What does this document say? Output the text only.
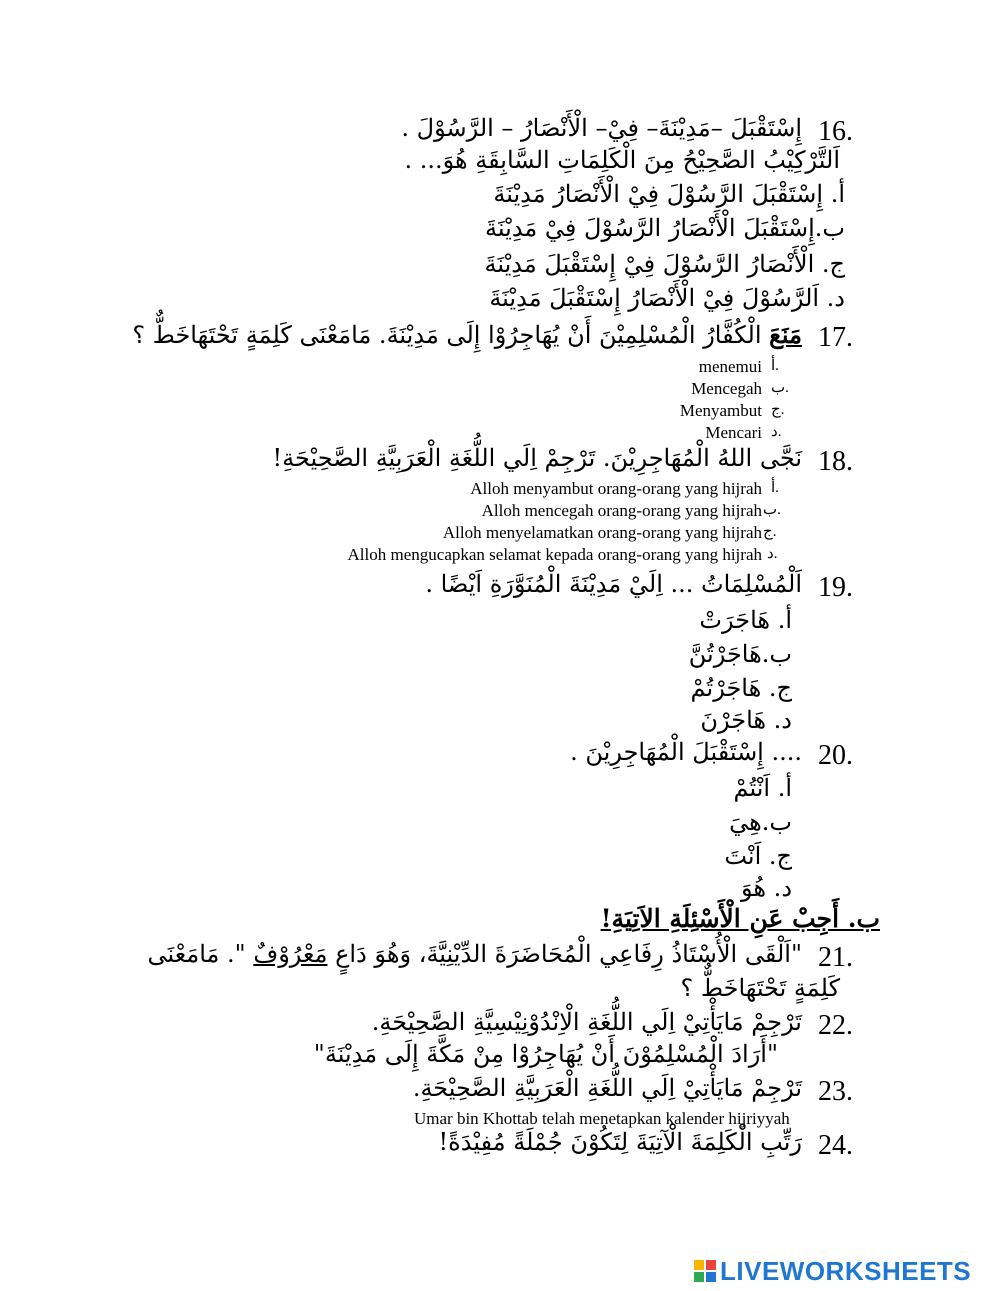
16.
إِسْتَقْبَلَ –مَدِيْنَةَ– فِيْ– الْأَنْصَارُ – الرَّسُوْلَ .
اَلتَّرْكِيْبُ الصَّحِيْحُ مِنَ الْكَلِمَاتِ السَّابِقَةِ هُوَ... .
أ. إِسْتَقْبَلَ الرَّسُوْلَ فِيْ الْأَنْصَارُ مَدِيْنَةَ
ب.إِسْتَقْبَلَ الْأَنْصَارُ الرَّسُوْلَ فِيْ مَدِيْنَةَ
ج. الْأَنْصَارُ الرَّسُوْلَ فِيْ إِسْتَقْبَلَ مَدِيْنَةَ
د. اَلرَّسُوْلَ فِيْ الْأَنْصَارُ إِسْتَقْبَلَ مَدِيْنَةَ
17.
مَنَعَ الْكُفَّارُ الْمُسْلِمِيْنَ أَنْ يُهَاجِرُوْا إِلَى مَدِيْنَةَ. مَامَعْنَى كَلِمَةٍ تَحْتَهَاخَطٌّ ؟
menemui أ.
Mencegah ب.
Menyambut ج.
Mencari د.
18.
نَجَّى اللهُ الْمُهَاجِرِيْنَ. تَرْجِمْ اِلَي اللُّغَةِ الْعَرَبِيَّةِ الصَّحِيْحَةِ!
Alloh menyambut orang-orang yang hijrah أ.
Alloh mencegah orang-orang yang hijrah ب.
Alloh menyelamatkan orang-orang yang hijrah ج.
Alloh mengucapkan selamat kepada orang-orang yang hijrah د.
19.
اَلْمُسْلِمَاتُ ... اِلَيْ مَدِيْنَةَ الْمُنَوَّرَةِ اَيْضًا .
أ. هَاجَرَتْ
ب.هَاجَرْتُنَّ
ج. هَاجَرْتُمْ
د. هَاجَرْنَ
20.
.... إِسْتَقْبَلَ الْمُهَاجِرِيْنَ .
أ. اَنْتُمْ
ب.هِيَ
ج. اَنْتَ
د. هُوَ
ب. أَجِبْ عَنِ الْأَسْئِلَةِ الاَتِيَةِ!
21.
"اَلْقَى الْأُسْتَاذُ رِفَاعِي الْمُحَاضَرَةَ الدِّيْنِيَّةَ، وَهُوَ دَاعٍ مَعْرُوْفٌ ". مَامَعْنَى
كَلِمَةٍ تَحْتَهَاخَطٌّ ؟
22.
تَرْجِمْ مَايَأْتِيْ اِلَي اللُّغَةِ الْاِنْدُوْنِيْسِيَّةِ الصَّحِيْحَةِ.
"أَرَادَ الْمُسْلِمُوْنَ أَنْ يُهَاجِرُوْا مِنْ مَكَّةَ إِلَى مَدِيْنَةَ"
23.
تَرْجِمْ مَايَأْتِيْ اِلَي اللُّغَةِ الْعَرَبِيَّةِ الصَّحِيْحَةِ.
Umar bin Khottab telah menetapkan kalender hijriyyah
24.
رَتِّبِ الْكَلِمَةَ الْآتِيَةَ لِتَكُوْنَ جُمْلَةً مُفِيْدَةً!
LIVEWORKSHEETS
